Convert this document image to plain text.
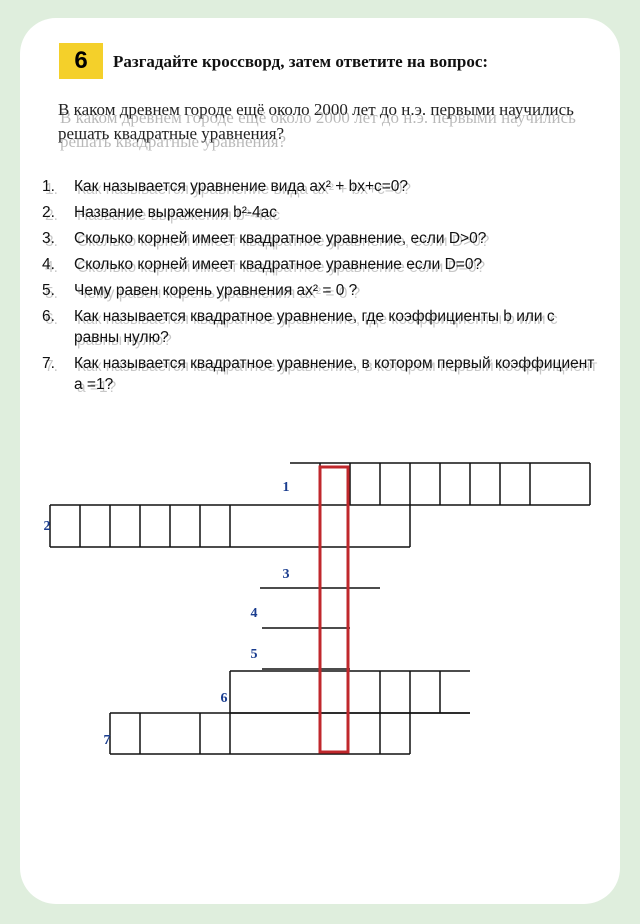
6 Разгадайте кроссворд, затем ответите на вопрос:
В каком древнем городе ещё около 2000 лет до н.э. первыми научились решать квадратные уравнения?
1.	Как называется уравнение вида ax² + bx+c=0?
2.	Название выражения b²-4ac
3.	Сколько корней имеет квадратное уравнение, если D>0?
4.	Сколько корней имеет квадратное уравнение если D=0?
5.	Чему равен корень уравнения ax² = 0 ?
6.	Как называется квадратное уравнение, где коэффициенты b или c равны нулю?
7.	Как называется квадратное уравнение, в котором первый коэффициент a =1?
1
2
3
4
5
6
7
